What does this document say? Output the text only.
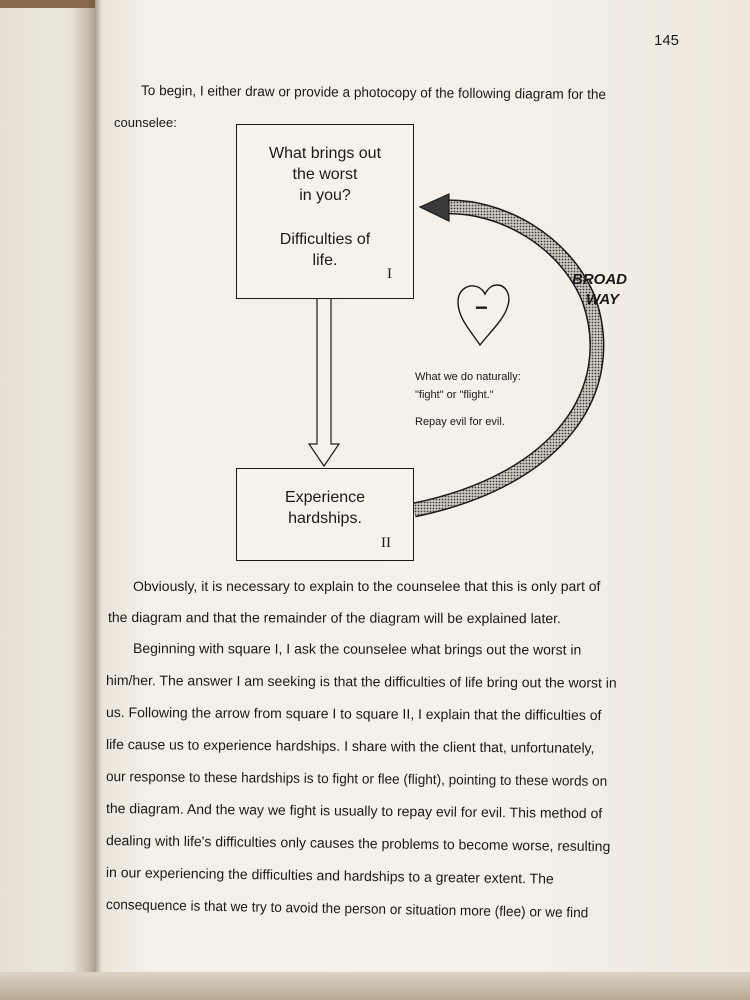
145

To begin, I either draw or provide a photocopy of the following diagram for the

counselee:

−

What brings out

the worst

in you?

Difficulties of

life.

I

Experience

hardships.

II
BROAD
WAY
What we do naturally:
"fight" or "flight."
Repay evil for evil.

Obviously, it is necessary to explain to the counselee that this is only part of

the diagram and that the remainder of the diagram will be explained later.

Beginning with square I, I ask the counselee what brings out the worst in

him/her. The answer I am seeking is that the difficulties of life bring out the worst in

us. Following the arrow from square I to square II, I explain that the difficulties of

life cause us to experience hardships. I share with the client that, unfortunately,

our response to these hardships is to fight or flee (flight), pointing to these words on

the diagram. And the way we fight is usually to repay evil for evil. This method of

dealing with life's difficulties only causes the problems to become worse, resulting

in our experiencing the difficulties and hardships to a greater extent. The

consequence is that we try to avoid the person or situation more (flee) or we find
